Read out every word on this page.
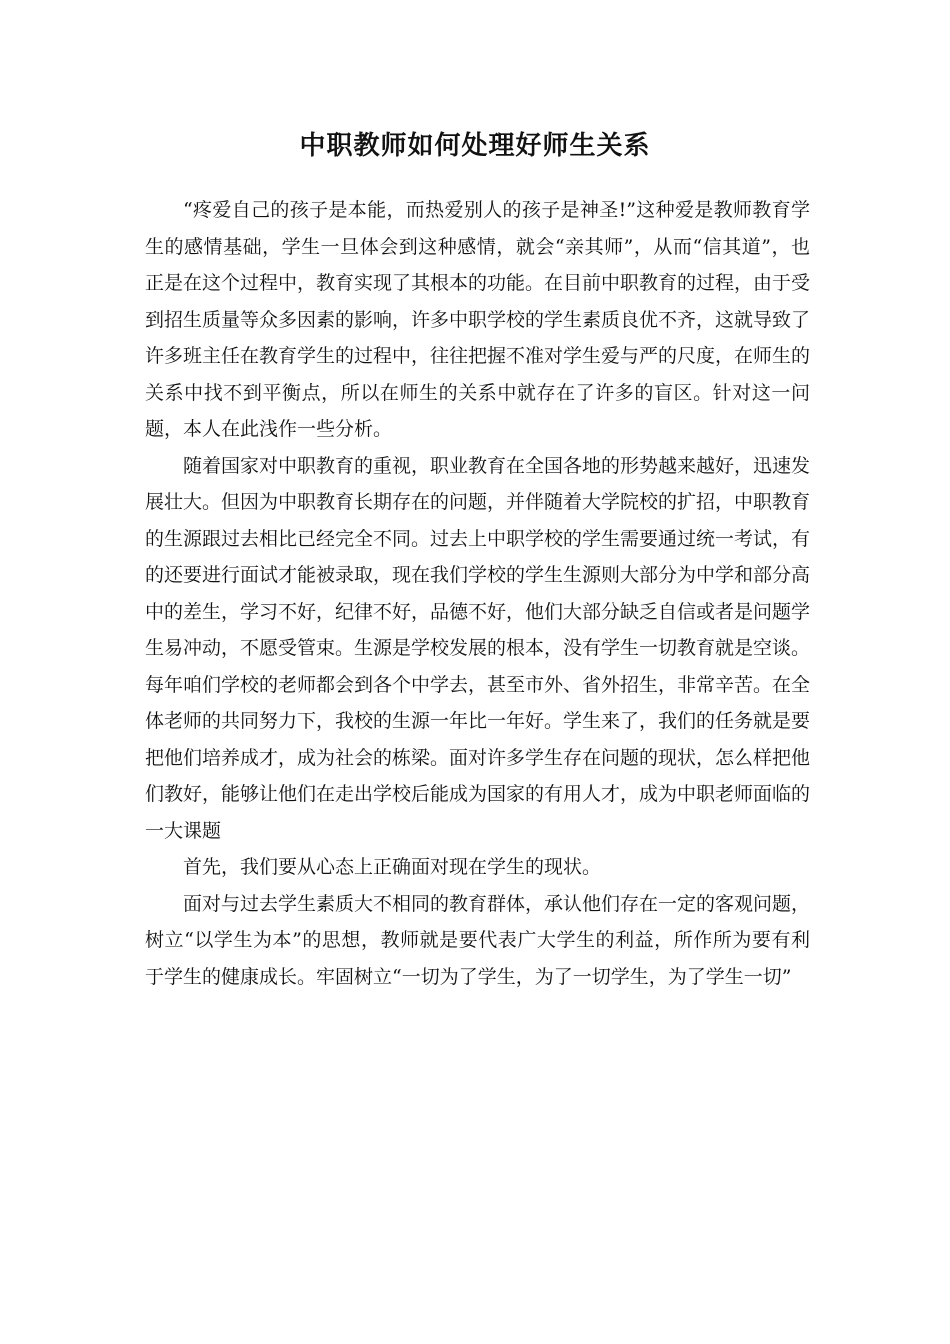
中职教师如何处理好师生关系

“疼爱自己的孩子是本能，而热爱别人的孩子是神圣!”这种爱是教师教育学生的感情基础，学生一旦体会到这种感情，就会“亲其师”，从而“信其道”，也正是在这个过程中，教育实现了其根本的功能。在目前中职教育的过程，由于受到招生质量等众多因素的影响，许多中职学校的学生素质良优不齐，这就导致了许多班主任在教育学生的过程中，往往把握不准对学生爱与严的尺度，在师生的关系中找不到平衡点，所以在师生的关系中就存在了许多的盲区。针对这一问题，本人在此浅作一些分析。

随着国家对中职教育的重视，职业教育在全国各地的形势越来越好，迅速发展壮大。但因为中职教育长期存在的问题，并伴随着大学院校的扩招，中职教育的生源跟过去相比已经完全不同。过去上中职学校的学生需要通过统一考试，有的还要进行面试才能被录取，现在我们学校的学生生源则大部分为中学和部分高中的差生，学习不好，纪律不好，品德不好，他们大部分缺乏自信或者是问题学生易冲动，不愿受管束。生源是学校发展的根本，没有学生一切教育就是空谈。每年咱们学校的老师都会到各个中学去，甚至市外、省外招生，非常辛苦。在全体老师的共同努力下，我校的生源一年比一年好。学生来了，我们的任务就是要把他们培养成才，成为社会的栋梁。面对许多学生存在问题的现状，怎么样把他们教好，能够让他们在走出学校后能成为国家的有用人才，成为中职老师面临的一大课题

首先，我们要从心态上正确面对现在学生的现状。

面对与过去学生素质大不相同的教育群体，承认他们存在一定的客观问题，树立“以学生为本”的思想，教师就是要代表广大学生的利益，所作所为要有利于学生的健康成长。牢固树立“一切为了学生，为了一切学生，为了学生一切”
